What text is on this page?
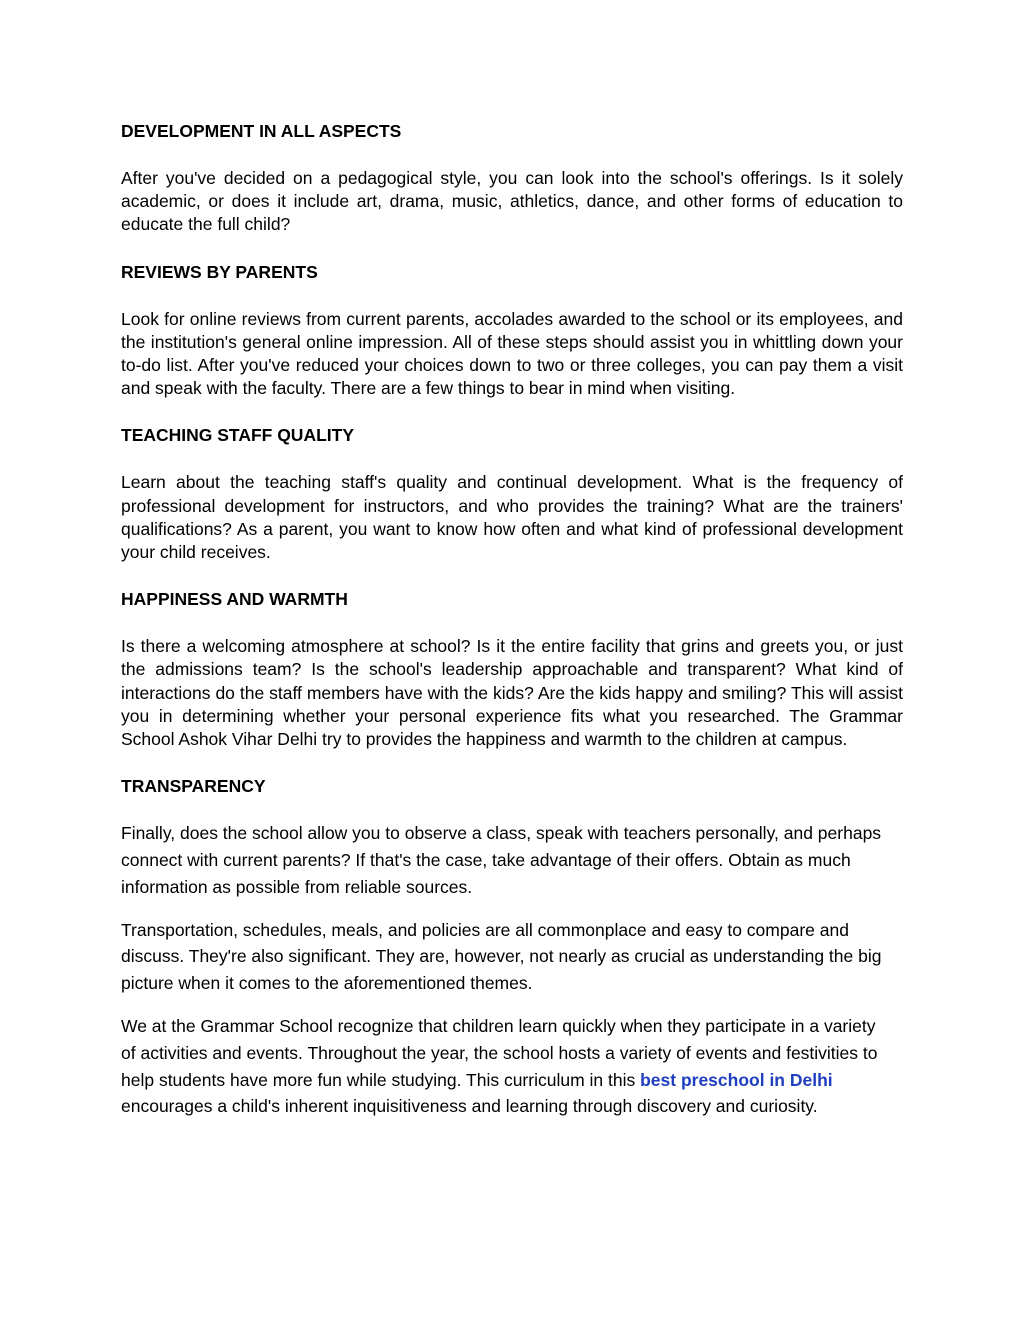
DEVELOPMENT IN ALL ASPECTS

After you've decided on a pedagogical style, you can look into the school's offerings. Is it solely academic, or does it include art, drama, music, athletics, dance, and other forms of education to educate the full child?

REVIEWS BY PARENTS

Look for online reviews from current parents, accolades awarded to the school or its employees, and the institution's general online impression. All of these steps should assist you in whittling down your to-do list. After you've reduced your choices down to two or three colleges, you can pay them a visit and speak with the faculty. There are a few things to bear in mind when visiting.

TEACHING STAFF QUALITY

Learn about the teaching staff's quality and continual development. What is the frequency of professional development for instructors, and who provides the training? What are the trainers' qualifications? As a parent, you want to know how often and what kind of professional development your child receives.

HAPPINESS AND WARMTH

Is there a welcoming atmosphere at school? Is it the entire facility that grins and greets you, or just the admissions team? Is the school's leadership approachable and transparent? What kind of interactions do the staff members have with the kids? Are the kids happy and smiling? This will assist you in determining whether your personal experience fits what you researched. The Grammar School Ashok Vihar Delhi try to provides the happiness and warmth to the children at campus.

TRANSPARENCY

Finally, does the school allow you to observe a class, speak with teachers personally, and perhaps connect with current parents? If that's the case, take advantage of their offers. Obtain as much information as possible from reliable sources.

Transportation, schedules, meals, and policies are all commonplace and easy to compare and discuss. They're also significant. They are, however, not nearly as crucial as understanding the big picture when it comes to the aforementioned themes.

We at the Grammar School recognize that children learn quickly when they participate in a variety of activities and events. Throughout the year, the school hosts a variety of events and festivities to help students have more fun while studying. This curriculum in this best preschool in Delhi encourages a child's inherent inquisitiveness and learning through discovery and curiosity.
